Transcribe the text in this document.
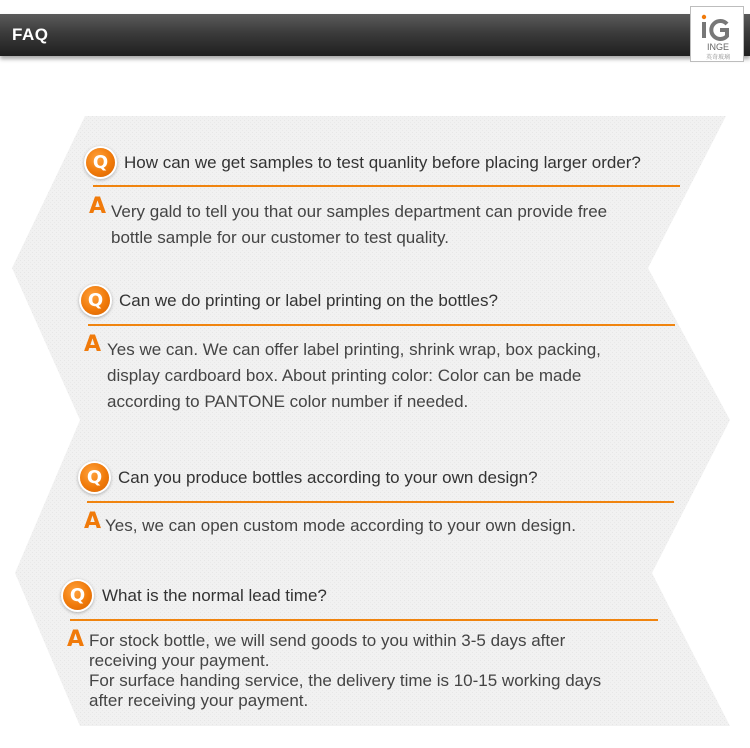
FAQ
INGE
英奇玻璃
Q How can we get samples to test quanlity before placing larger order?
A Very gald to tell you that our samples department can provide free
bottle sample for our customer to test quality.
Q Can we do printing or label printing on the bottles?
A Yes we can. We can offer label printing, shrink wrap, box packing,
display cardboard box. About printing color: Color can be made
according to PANTONE color number if needed.
Q Can you produce bottles according to your own design?
A Yes, we can open custom mode according to your own design.
Q What is the normal lead time?
A For stock bottle, we will send goods to you within 3-5 days after
receiving your payment.
For surface handing service, the delivery time is 10-15 working days
after receiving your payment.
